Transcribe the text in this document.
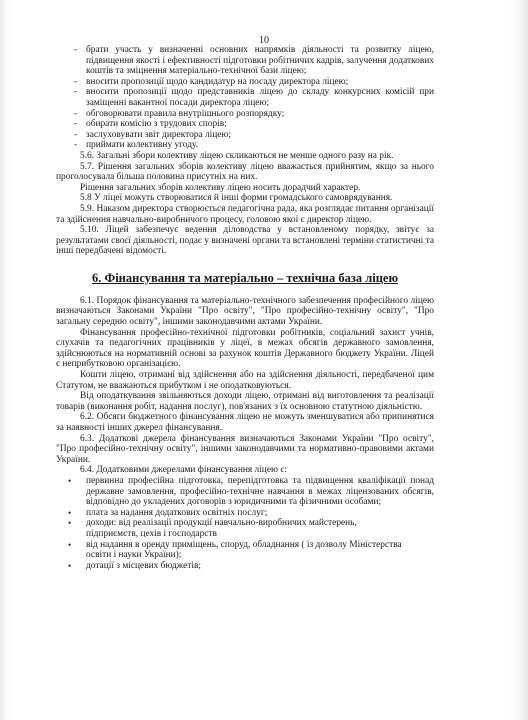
10
- брати участь у визначенні основних напрямків діяльності та розвитку ліцею, підвищення якості і ефективності підготовки робітничих кадрів, залучення додаткових коштів та зміцнення матеріально-технічної бази ліцею;
- вносити пропозиції щодо кандидатур на посаду директора ліцею;
- вносити пропозиції щодо представників ліцею до складу конкурсних комісій при заміщенні вакантної посади директора ліцею;
- обговорювати правила внутрішнього розпорядку;
- обирати комісію з трудових спорів;
- заслуховувати звіт директора ліцею;
- приймати колективну угоду.
5.6. Загальні збори колективу ліцею скликаються не менше одного разу на рік.
5.7. Рішення загальних зборів колективу ліцею вважається прийнятим, якщо за нього проголосувала більша половина присутніх на них.
Рішення загальних зборів колективу ліцею носить дорадчий характер.
5.8 У ліцеї можуть створюватися й інші форми громадського самоврядування.
5.9. Наказом директора створюється педагогічна рада, яка розглядає питання організації та здійснення навчально-виробничого процесу, головою якої є директор ліцею.
5.10. Ліцей забезпечує ведення діловодства у встановленому порядку, звітує за результатами своєї діяльності, подає у визначені органи та встановлені терміни статистичні та інші передбачені відомості.
6. Фінансування та матеріально – технічна база ліцею
6.1. Порядок фінансування та матеріально-технічного забезпечення професійного ліцею визначаються Законами України "Про освіту", "Про професійно-технічну освіту", "Про загальну середню освіту", іншими законодавчими актами України.
Фінансування професійно-технічної підготовки робітників, соціальний захист учнів, слухачів та педагогічних працівників у ліцеї, в межах обсягів державного замовлення, здійснюються на нормативній основі за рахунок коштів Державного бюджету України. Ліцей є неприбутковою організацією.
Кошти ліцею, отримані від здійснення або на здійснення діяльності, передбаченої цим Статутом, не вважаються прибутком і не оподатковуються.
Від оподаткування звільняються доходи ліцею, отримані від виготовлення та реалізації товарів (виконання робіт, надання послуг), пов'язаних з їх основною статутною діяльністю.
6.2. Обсяги бюджетного фінансування ліцею не можуть зменшуватися або припинятися за наявності інших джерел фінансування.
6.3. Додаткові джерела фінансування визначаються Законами України "Про освіту", "Про професійно-технічну освіту", іншими законодавчими та нормативно-правовими актами України.
6.4. Додатковими джерелами фінансування ліцею є:
• первинна професійна підготовка, перепідготовка та підвищення кваліфікації понад державне замовлення, професійно-технічне навчання в межах ліцензованих обсягів, відповідно до укладених договорів з юридичними та фізичними особами;
• плата за надання додаткових освітніх послуг;
• доходи: від реалізації продукції навчально-виробничих майстерень,
підприємств, цехів і господарств
• від надання в оренду приміщень, споруд, обладнання ( із дозволу Міністерства
освіти і науки України);
• дотації з місцевих бюджетів;
